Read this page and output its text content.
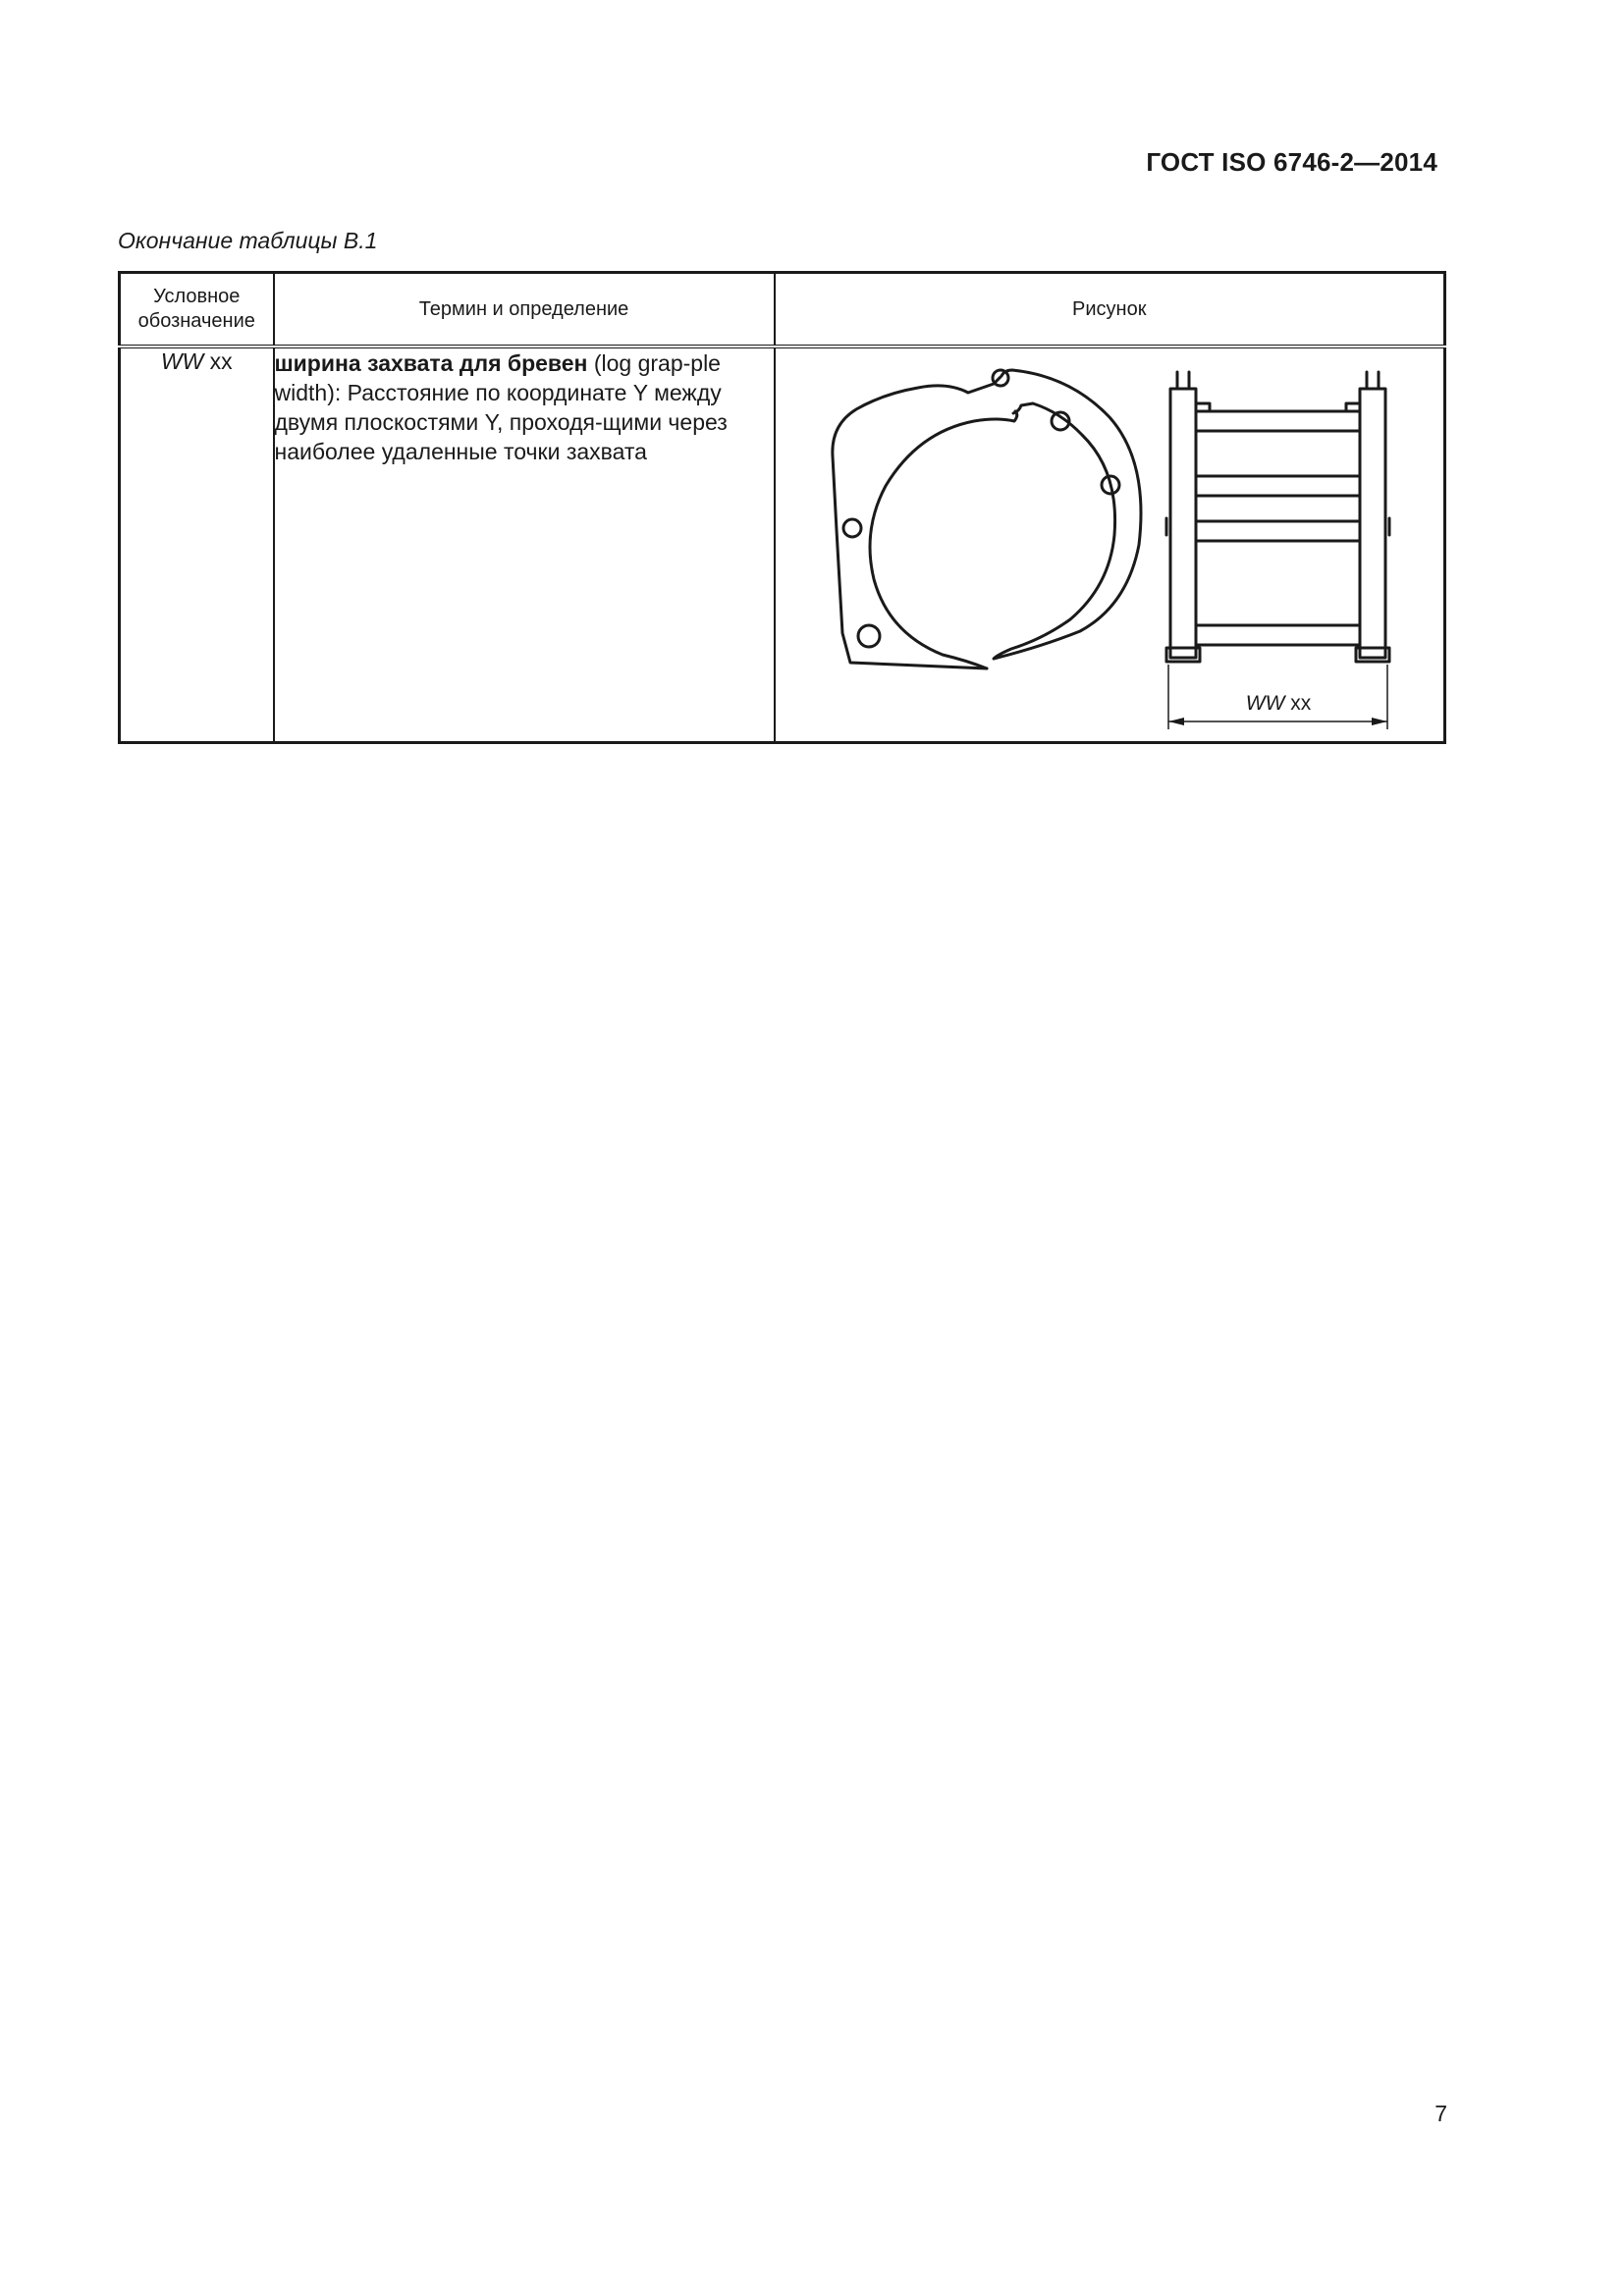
ГОСТ ISO 6746-2—2014
Окончание таблицы В.1
Условное
обозначение	Термин и определение	Рисунок
WW xx	ширина захвата для бревен (log grap-ple width): Расстояние по координате Y между двумя плоскостями Y, проходя-щими через наиболее удаленные точки захвата	WW xx
7
